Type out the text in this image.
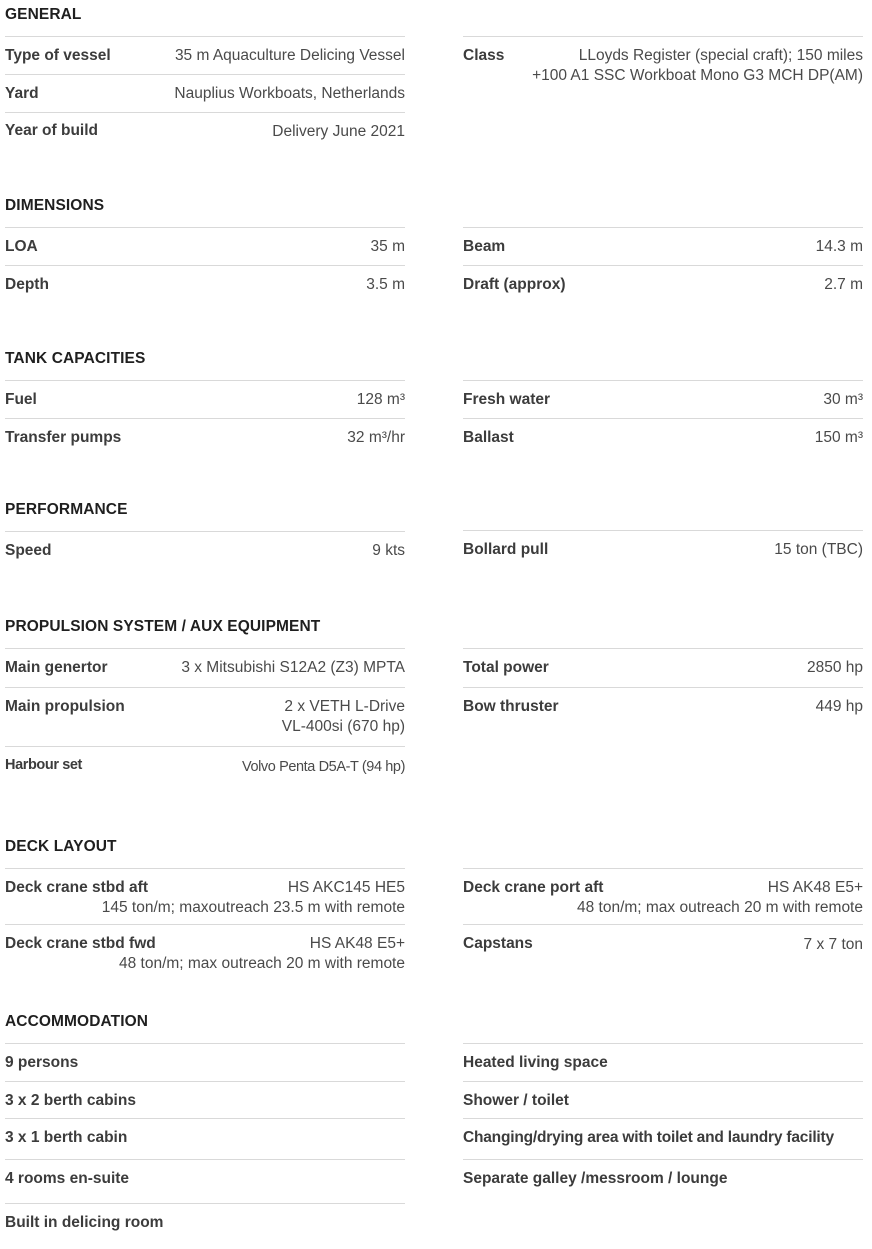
GENERAL
Type of vessel	35 m Aquaculture Delicing Vessel
Yard	Nauplius Workboats, Netherlands
Year of build	Delivery June 2021
Class	LLoyds Register (special craft); 150 miles
+100 A1 SSC Workboat Mono G3 MCH DP(AM)
DIMENSIONS
LOA	35 m
Depth	3.5 m
Beam	14.3 m
Draft (approx)	2.7 m
TANK CAPACITIES
Fuel	128 m³
Transfer pumps	32 m³/hr
Fresh water	30 m³
Ballast	150 m³
PERFORMANCE
Speed	9 kts	Bollard pull	15 ton (TBC)
PROPULSION SYSTEM / AUX EQUIPMENT
Main genertor	3 x Mitsubishi S12A2 (Z3) MPTA
Main propulsion	2 x VETH L-Drive
VL-400si (670 hp)
Harbour set	Volvo Penta D5A-T (94 hp)
Total power	2850 hp
Bow thruster	449 hp
DECK LAYOUT
Deck crane stbd aft	HS AKC145 HE5
145 ton/m; maxoutreach 23.5 m with remote
Deck crane stbd fwd	HS AK48 E5+
48 ton/m; max outreach 20 m with remote
Deck crane port aft	HS AK48 E5+
48 ton/m; max outreach 20 m with remote
Capstans	7 x 7 ton
ACCOMMODATION
9 persons
3 x 2 berth cabins
3 x 1 berth cabin
4 rooms en-suite
Built in delicing room
Heated living space
Shower / toilet
Changing/drying area with toilet and laundry facility
Separate galley /messroom / lounge
